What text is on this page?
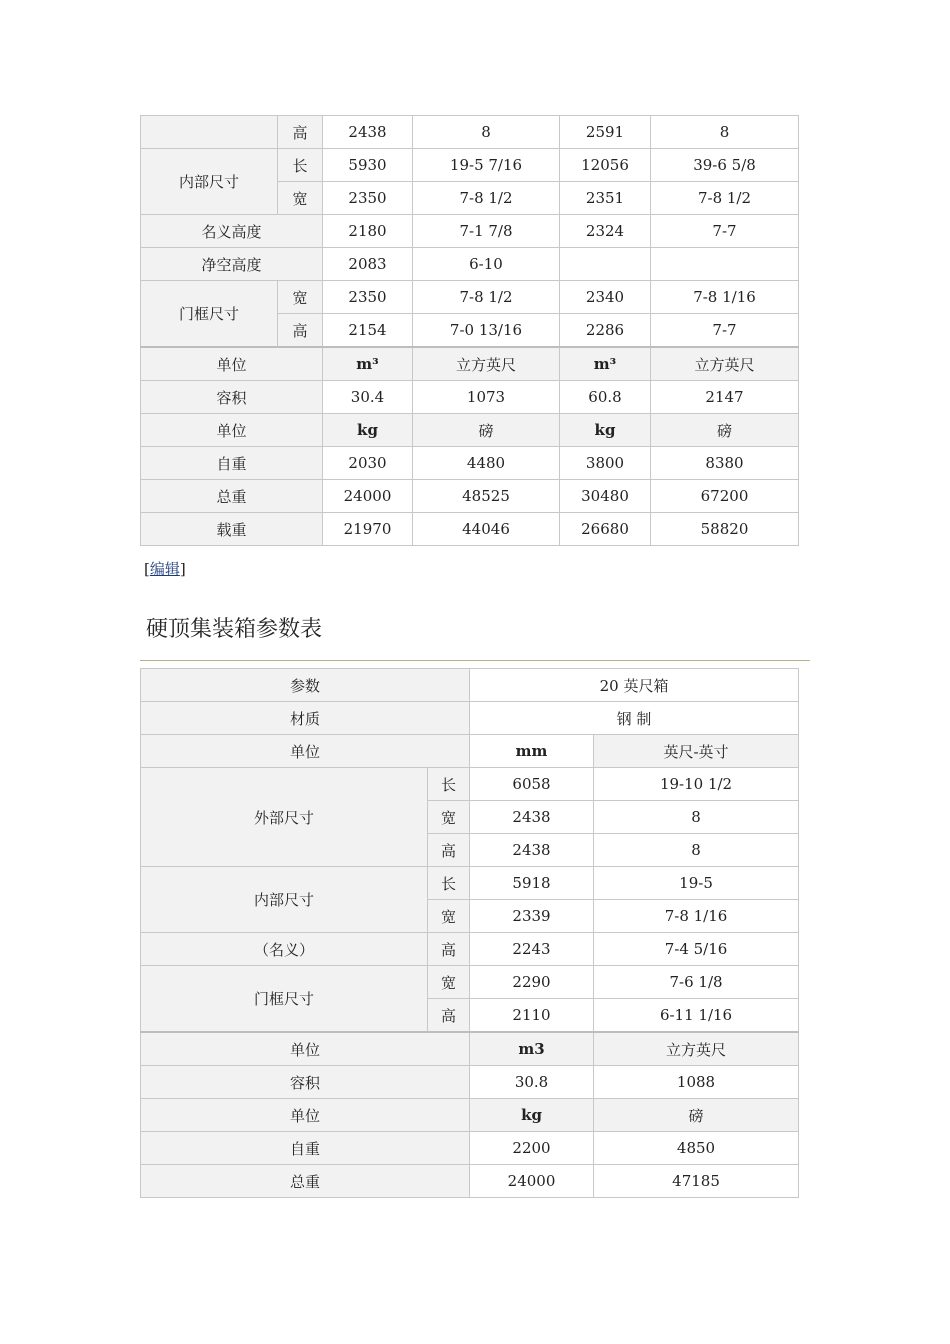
	高	2438	8	2591	8
内部尺寸	长	5930	19-5 7/16	12056	39-6 5/8
	宽	2350	7-8 1/2	2351	7-8 1/2
名义高度		2180	7-1 7/8	2324	7-7
净空高度		2083	6-10		
门框尺寸	宽	2350	7-8 1/2	2340	7-8 1/16
	高	2154	7-0 13/16	2286	7-7
单位		m³	立方英尺	m³	立方英尺
容积		30.4	1073	60.8	2147
单位		kg	磅	kg	磅
自重		2030	4480	3800	8380
总重		24000	48525	30480	67200
载重		21970	44046	26680	58820
[编辑]
硬顶集装箱参数表
参数		20 英尺箱	
材质		钢 制	
单位		mm	英尺-英寸
外部尺寸	长	6058	19-10 1/2
	宽	2438	8
	高	2438	8
内部尺寸	长	5918	19-5
	宽	2339	7-8 1/16
（名义）	高	2243	7-4 5/16
门框尺寸	宽	2290	7-6 1/8
	高	2110	6-11 1/16
单位		m3	立方英尺
容积		30.8	1088
单位		kg	磅
自重		2200	4850
总重		24000	47185
